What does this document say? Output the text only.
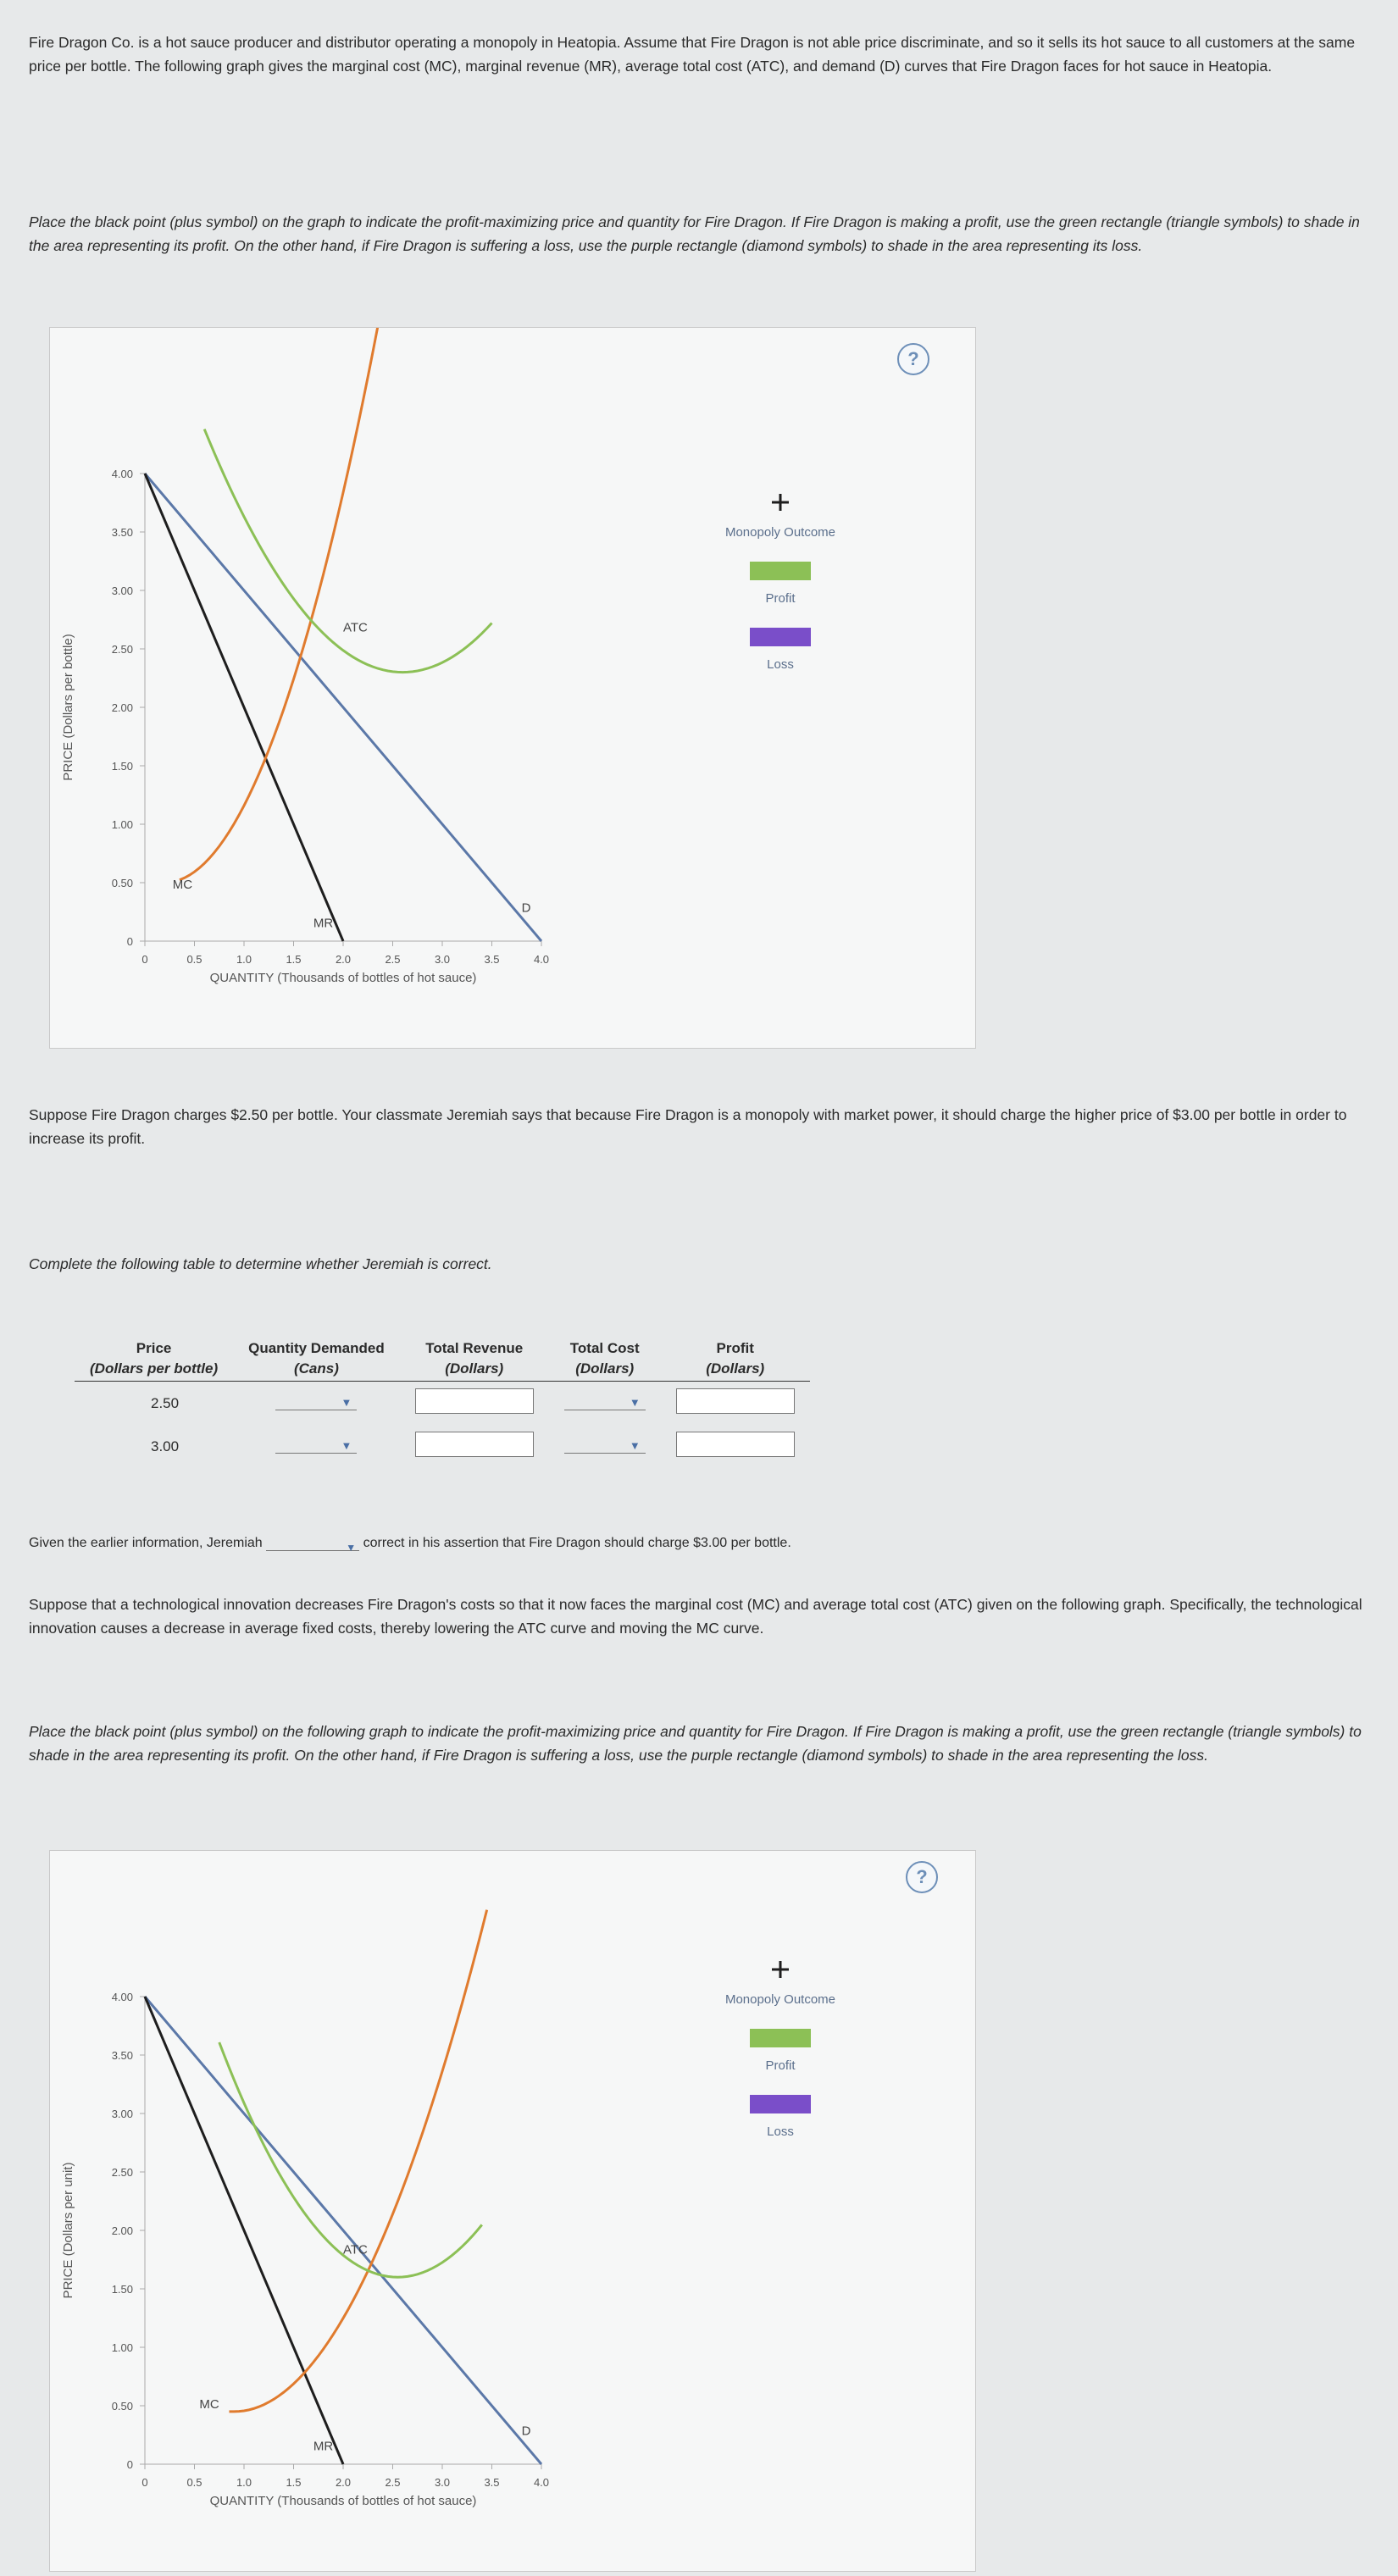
Fire Dragon Co. is a hot sauce producer and distributor operating a monopoly in Heatopia. Assume that Fire Dragon is not able price discriminate, and so it sells its hot sauce to all customers at the same price per bottle. The following graph gives the marginal cost (MC), marginal revenue (MR), average total cost (ATC), and demand (D) curves that Fire Dragon faces for hot sauce in Heatopia.

Place the black point (plus symbol) on the graph to indicate the profit-maximizing price and quantity for Fire Dragon. If Fire Dragon is making a profit, use the green rectangle (triangle symbols) to shade in the area representing its profit. On the other hand, if Fire Dragon is suffering a loss, use the purple rectangle (diamond symbols) to shade in the area representing its loss.

?
4.00
3.50
3.00
2.50
2.00
1.50
1.00
0.50
0
0	0.5	1.0	1.5	2.0	2.5	3.0	3.5	4.0
QUANTITY (Thousands of bottles of hot sauce)
PRICE (Dollars per bottle)
MC
ATC
MR
D
Monopoly Outcome
Profit
Loss

Suppose Fire Dragon charges $2.50 per bottle. Your classmate Jeremiah says that because Fire Dragon is a monopoly with market power, it should charge the higher price of $3.00 per bottle in order to increase its profit.

Complete the following table to determine whether Jeremiah is correct.

Price	Quantity Demanded	Total Revenue	Total Cost	Profit
(Dollars per bottle)	(Cans)	(Dollars)	(Dollars)	(Dollars)
2.50	▼		▼	

3.00	▼		▼	

Given the earlier information, Jeremiah	▼ correct in his assertion that Fire Dragon should charge $3.00 per bottle.

Suppose that a technological innovation decreases Fire Dragon's costs so that it now faces the marginal cost (MC) and average total cost (ATC) given on the following graph. Specifically, the technological innovation causes a decrease in average fixed costs, thereby lowering the ATC curve and moving the MC curve.

Place the black point (plus symbol) on the following graph to indicate the profit-maximizing price and quantity for Fire Dragon. If Fire Dragon is making a profit, use the green rectangle (triangle symbols) to shade in the area representing its profit. On the other hand, if Fire Dragon is suffering a loss, use the purple rectangle (diamond symbols) to shade in the area representing the loss.

?
4.00
3.50
3.00
2.50
2.00
1.50
1.00
0.50
0
0	0.5	1.0	1.5	2.0	2.5	3.0	3.5	4.0
QUANTITY (Thousands of bottles of hot sauce)
PRICE (Dollars per unit)
MC
ATC
MR
D
Monopoly Outcome
Profit
Loss
